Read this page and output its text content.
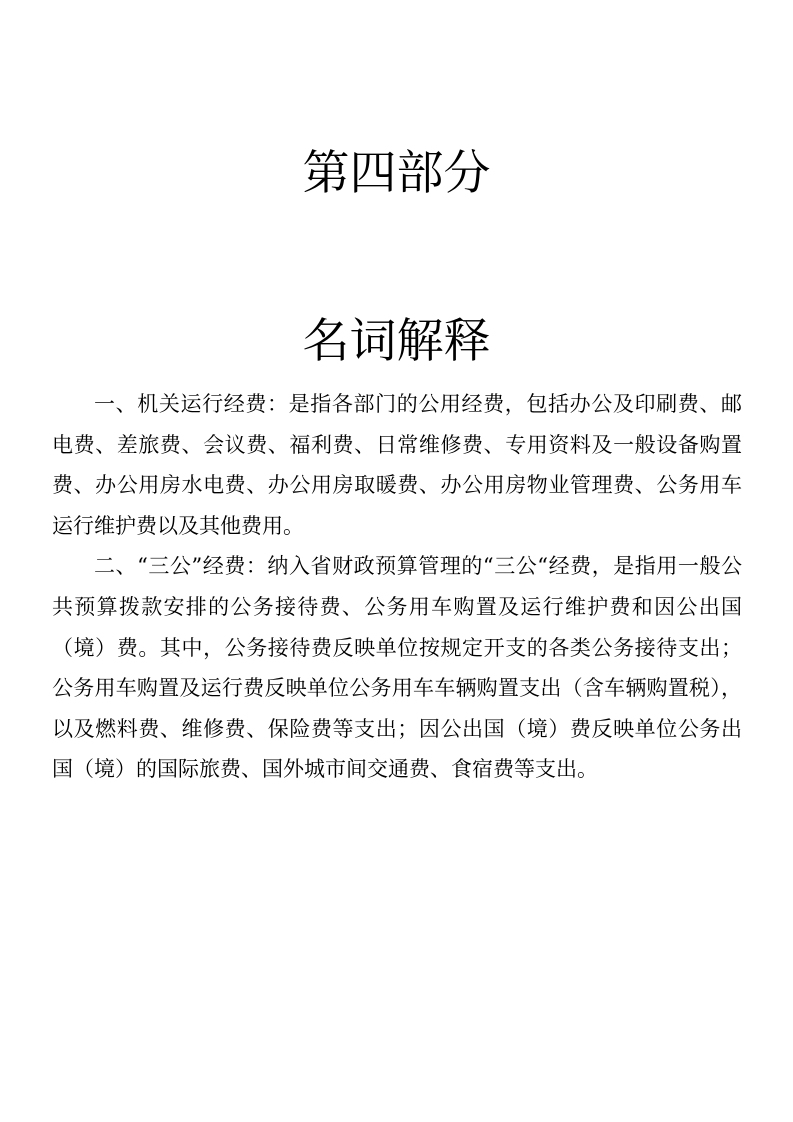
第四部分
名词解释

一、机关运行经费：是指各部门的公用经费，包括办公及印刷费、邮电费、差旅费、会议费、福利费、日常维修费、专用资料及一般设备购置费、办公用房水电费、办公用房取暖费、办公用房物业管理费、公务用车运行维护费以及其他费用。

二、“三公”经费：纳入省财政预算管理的“三公“经费，是指用一般公共预算拨款安排的公务接待费、公务用车购置及运行维护费和因公出国（境）费。其中，公务接待费反映单位按规定开支的各类公务接待支出；公务用车购置及运行费反映单位公务用车车辆购置支出（含车辆购置税），以及燃料费、维修费、保险费等支出；因公出国（境）费反映单位公务出国（境）的国际旅费、国外城市间交通费、食宿费等支出。
